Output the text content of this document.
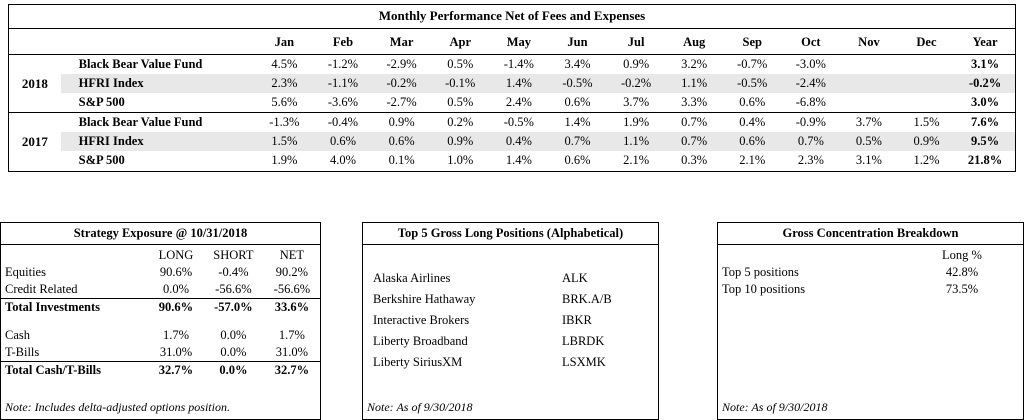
Monthly Performance Net of Fees and Expenses
		Jan	Feb	Mar	Apr	May	Jun	Jul	Aug	Sep	Oct	Nov	Dec	Year
2018	Black Bear Value Fund	4.5%	-1.2%	-2.9%	0.5%	-1.4%	3.4%	0.9%	3.2%	-0.7%	-3.0%			3.1%
	HFRI Index	2.3%	-1.1%	-0.2%	-0.1%	1.4%	-0.5%	-0.2%	1.1%	-0.5%	-2.4%			-0.2%
	S&P 500	5.6%	-3.6%	-2.7%	0.5%	2.4%	0.6%	3.7%	3.3%	0.6%	-6.8%			3.0%
2017	Black Bear Value Fund	-1.3%	-0.4%	0.9%	0.2%	-0.5%	1.4%	1.9%	0.7%	0.4%	-0.9%	3.7%	1.5%	7.6%
	HFRI Index	1.5%	0.6%	0.6%	0.9%	0.4%	0.7%	1.1%	0.7%	0.6%	0.7%	0.5%	0.9%	9.5%
	S&P 500	1.9%	4.0%	0.1%	1.0%	1.4%	0.6%	2.1%	0.3%	2.1%	2.3%	3.1%	1.2%	21.8%
Strategy Exposure @ 10/31/2018
	LONG	SHORT	NET
Equities	90.6%	-0.4%	90.2%
Credit Related	0.0%	-56.6%	-56.6%
Total Investments	90.6%	-57.0%	33.6%

Cash	1.7%	0.0%	1.7%
T-Bills	31.0%	0.0%	31.0%
Total Cash/T-Bills	32.7%	0.0%	32.7%
Note: Includes delta-adjusted options position.
Top 5 Gross Long Positions (Alphabetical)

Alaska Airlines	ALK
Berkshire Hathaway	BRK.A/B
Interactive Brokers	IBKR
Liberty Broadband	LBRDK
Liberty SiriusXM	LSXMK
Note: As of 9/30/2018
Gross Concentration Breakdown
	Long %
Top 5 positions	42.8%
Top 10 positions	73.5%
Note: As of 9/30/2018
